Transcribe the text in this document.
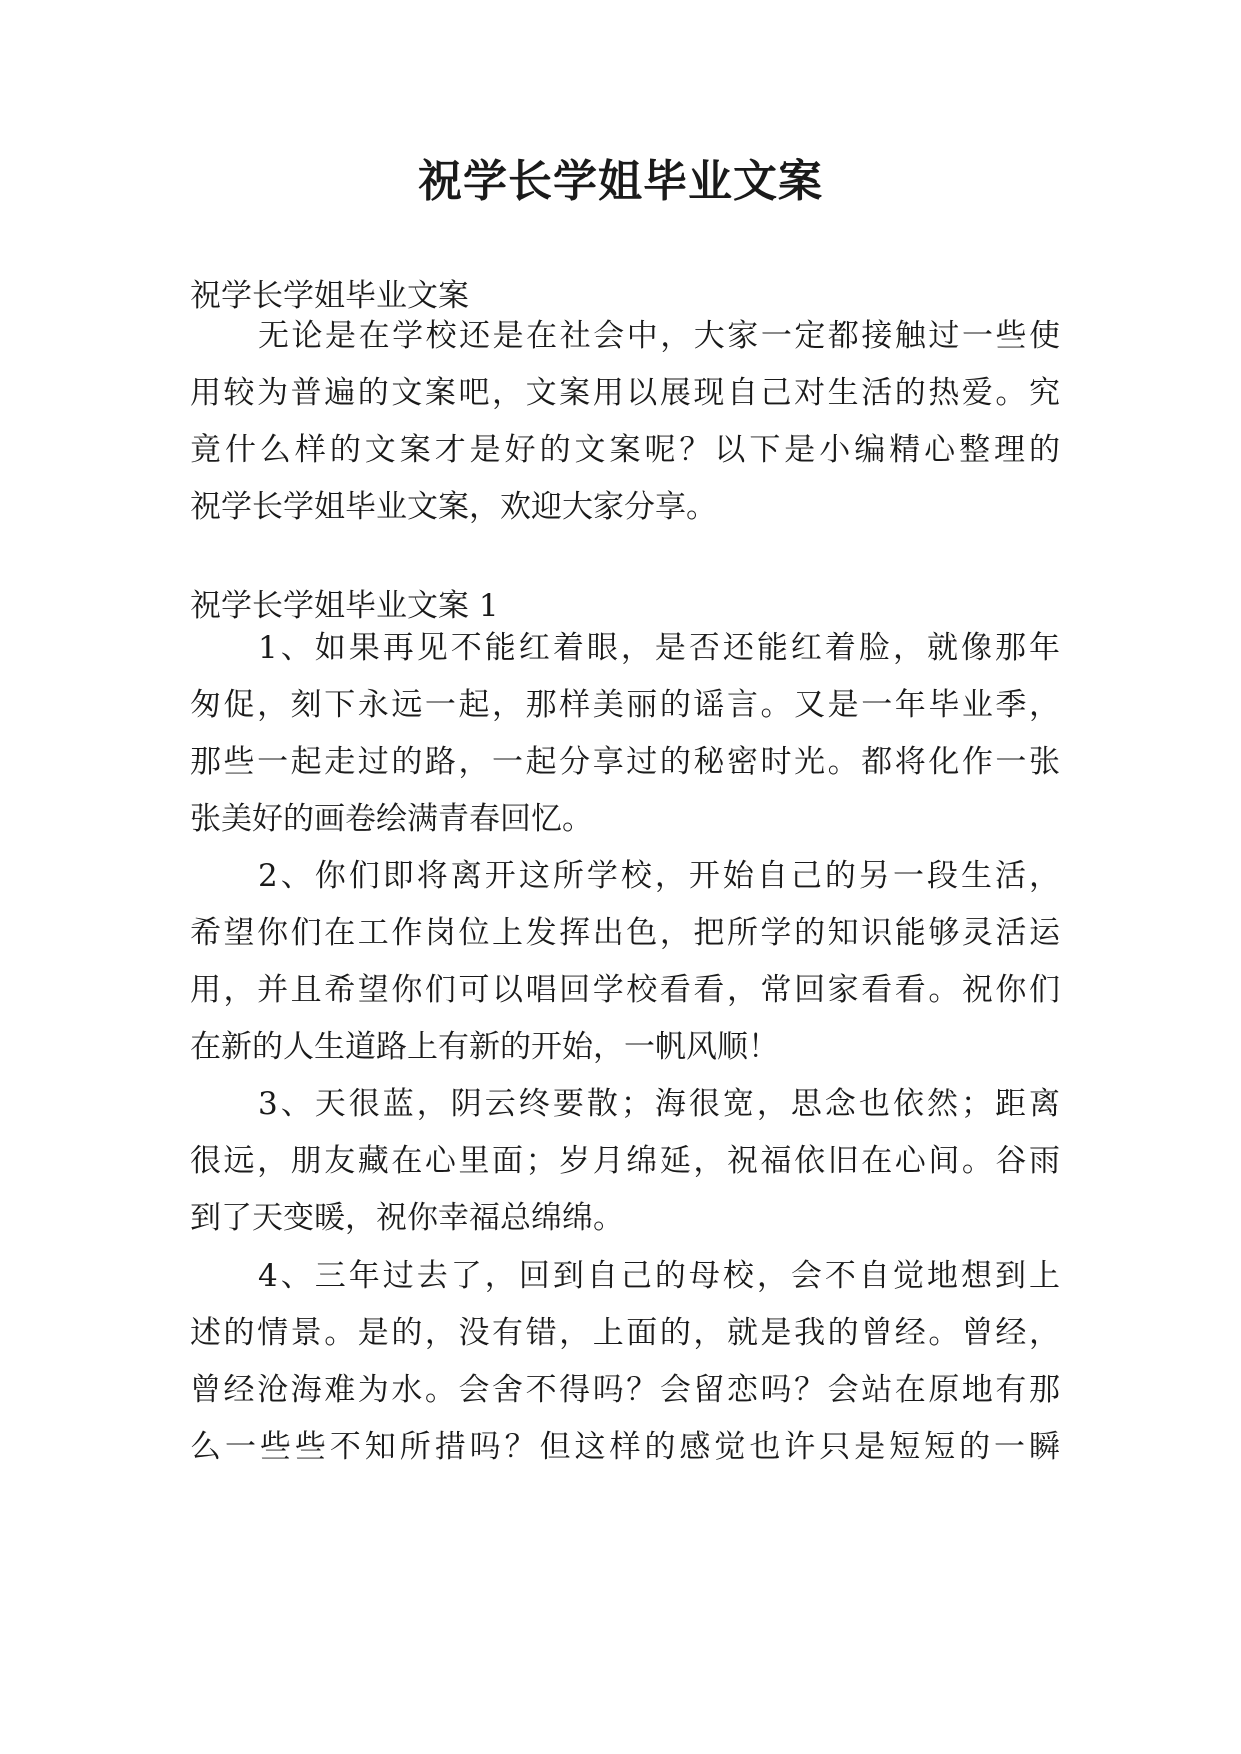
祝学长学姐毕业文案
祝学长学姐毕业文案
无论是在学校还是在社会中，大家一定都接触过一些使
用较为普遍的文案吧，文案用以展现自己对生活的热爱。究
竟什么样的文案才是好的文案呢？以下是小编精心整理的
祝学长学姐毕业文案，欢迎大家分享。
祝学长学姐毕业文案 1
1、如果再见不能红着眼，是否还能红着脸，就像那年
匆促，刻下永远一起，那样美丽的谣言。又是一年毕业季，
那些一起走过的路，一起分享过的秘密时光。都将化作一张
张美好的画卷绘满青春回忆。
2、你们即将离开这所学校，开始自己的另一段生活，
希望你们在工作岗位上发挥出色，把所学的知识能够灵活运
用，并且希望你们可以唱回学校看看，常回家看看。祝你们
在新的人生道路上有新的开始，一帆风顺！
3、天很蓝，阴云终要散；海很宽，思念也依然；距离
很远，朋友藏在心里面；岁月绵延，祝福依旧在心间。谷雨
到了天变暖，祝你幸福总绵绵。
4、三年过去了，回到自己的母校，会不自觉地想到上
述的情景。是的，没有错，上面的，就是我的曾经。曾经，
曾经沧海难为水。会舍不得吗？会留恋吗？会站在原地有那
么一些些不知所措吗？但这样的感觉也许只是短短的一瞬
